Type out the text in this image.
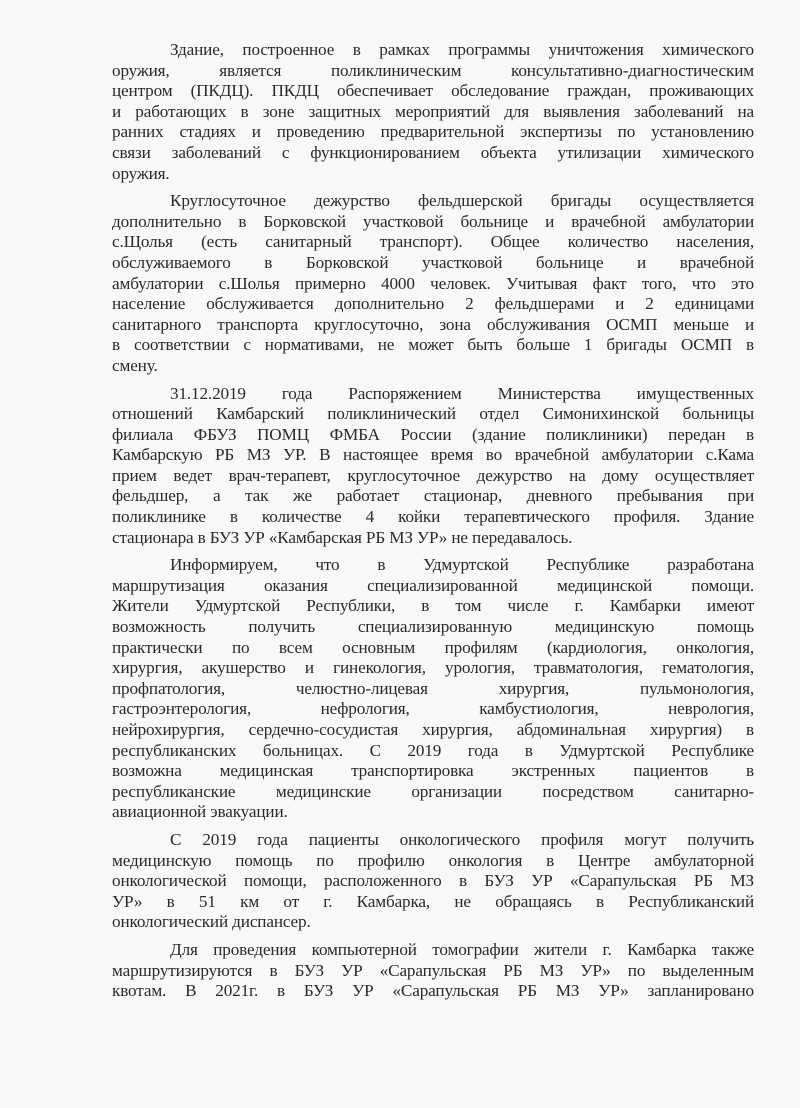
Здание, построенное в рамках программы уничтожения химического
оружия, является поликлиническим консультативно-диагностическим
центром (ПКДЦ). ПКДЦ обеспечивает обследование граждан, проживающих
и работающих в зоне защитных мероприятий для выявления заболеваний на
ранних стадиях и проведению предварительной экспертизы по установлению
связи заболеваний с функционированием объекта утилизации химического
оружия.
Круглосуточное дежурство фельдшерской бригады осуществляется
дополнительно в Борковской участковой больнице и врачебной амбулатории
с.Щолья (есть санитарный транспорт). Общее количество населения,
обслуживаемого в Борковской участковой больнице и врачебной
амбулатории с.Шолья примерно 4000 человек. Учитывая факт того, что это
население обслуживается дополнительно 2 фельдшерами и 2 единицами
санитарного транспорта круглосуточно, зона обслуживания ОСМП меньше и
в соответствии с нормативами, не может быть больше 1 бригады ОСМП в
смену.
31.12.2019 года Распоряжением Министерства имущественных
отношений Камбарский поликлинический отдел Симонихинской больницы
филиала ФБУЗ ПОМЦ ФМБА России (здание поликлиники) передан в
Камбарскую РБ МЗ УР. В настоящее время во врачебной амбулатории с.Кама
прием ведет врач-терапевт, круглосуточное дежурство на дому осуществляет
фельдшер, а так же работает стационар, дневного пребывания при
поликлинике в количестве 4 койки терапевтического профиля. Здание
стационара в БУЗ УР «Камбарская РБ МЗ УР» не передавалось.
Информируем, что в Удмуртской Республике разработана
маршрутизация оказания специализированной медицинской помощи.
Жители Удмуртской Республики, в том числе г. Камбарки имеют
возможность получить специализированную медицинскую помощь
практически по всем основным профилям (кардиология, онкология,
хирургия, акушерство и гинекология, урология, травматология, гематология,
профпатология, челюстно-лицевая хирургия, пульмонология,
гастроэнтерология, нефрология, камбустиология, неврология,
нейрохирургия, сердечно-сосудистая хирургия, абдоминальная хирургия) в
республиканских больницах. С 2019 года в Удмуртской Республике
возможна медицинская транспортировка экстренных пациентов в
республиканские медицинские организации посредством санитарно-
авиационной эвакуации.
С 2019 года пациенты онкологического профиля могут получить
медицинскую помощь по профилю онкология в Центре амбулаторной
онкологической помощи, расположенного в БУЗ УР «Сарапульская РБ МЗ
УР» в 51 км от г. Камбарка, не обращаясь в Республиканский
онкологический диспансер.
Для проведения компьютерной томографии жители г. Камбарка также
маршрутизируются в БУЗ УР «Сарапульская РБ МЗ УР» по выделенным
квотам. В 2021г. в БУЗ УР «Сарапульская РБ МЗ УР» запланировано
